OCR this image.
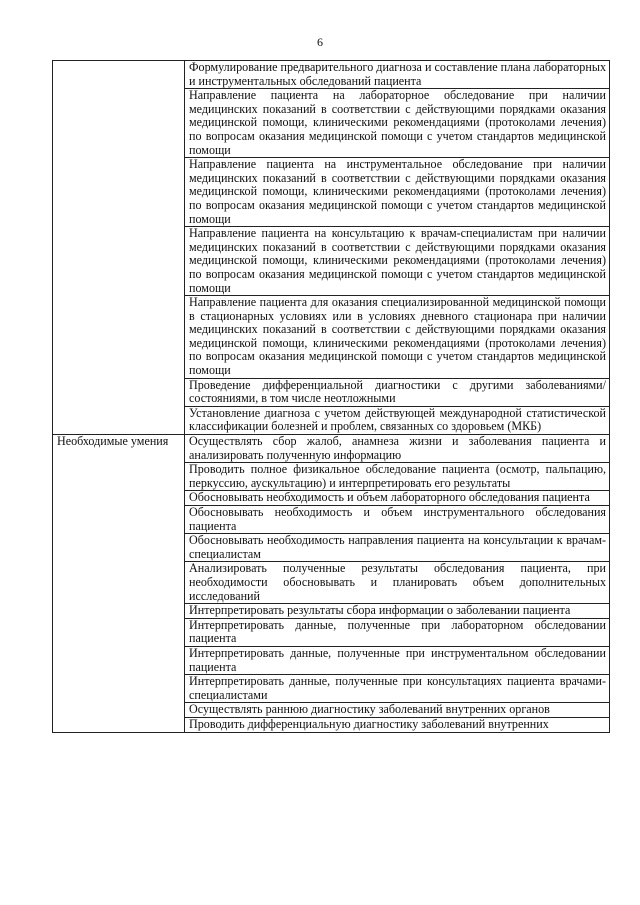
6
	Формулирование предварительного диагноза и составление плана лабораторных и инструментальных обследований пациента
	Направление пациента на лабораторное обследование при наличии медицинских показаний в соответствии с действующими порядками оказания медицинской помощи, клиническими рекомендациями (протоколами лечения) по вопросам оказания медицинской помощи с учетом стандартов медицинской помощи
	Направление пациента на инструментальное обследование при наличии медицинских показаний в соответствии с действующими порядками оказания медицинской помощи, клиническими рекомендациями (протоколами лечения) по вопросам оказания медицинской помощи с учетом стандартов медицинской помощи
	Направление пациента на консультацию к врачам-специалистам при наличии медицинских показаний в соответствии с действующими порядками оказания медицинской помощи, клиническими рекомендациями (протоколами лечения) по вопросам оказания медицинской помощи с учетом стандартов медицинской помощи
	Направление пациента для оказания специализированной медицинской помощи в стационарных условиях или в условиях дневного стационара при наличии медицинских показаний в соответствии с действующими порядками оказания медицинской помощи, клиническими рекомендациями (протоколами лечения) по вопросам оказания медицинской помощи с учетом стандартов медицинской помощи
	Проведение дифференциальной диагностики с другими заболеваниями/состояниями, в том числе неотложными
	Установление диагноза с учетом действующей международной статистической классификации болезней и проблем, связанных со здоровьем (МКБ)
Необходимые умения	Осуществлять сбор жалоб, анамнеза жизни и заболевания пациента и анализировать полученную информацию
	Проводить полное физикальное обследование пациента (осмотр, пальпацию, перкуссию, аускультацию) и интерпретировать его результаты
	Обосновывать необходимость и объем лабораторного обследования пациента
	Обосновывать необходимость и объем инструментального обследования пациента
	Обосновывать необходимость направления пациента на консультации к врачам-специалистам
	Анализировать полученные результаты обследования пациента, при необходимости обосновывать и планировать объем дополнительных исследований
	Интерпретировать результаты сбора информации о заболевании пациента
	Интерпретировать данные, полученные при лабораторном обследовании пациента
	Интерпретировать данные, полученные при инструментальном обследовании пациента
	Интерпретировать данные, полученные при консультациях пациента врачами-специалистами
	Осуществлять раннюю диагностику заболеваний внутренних органов
	Проводить дифференциальную диагностику заболеваний внутренних
